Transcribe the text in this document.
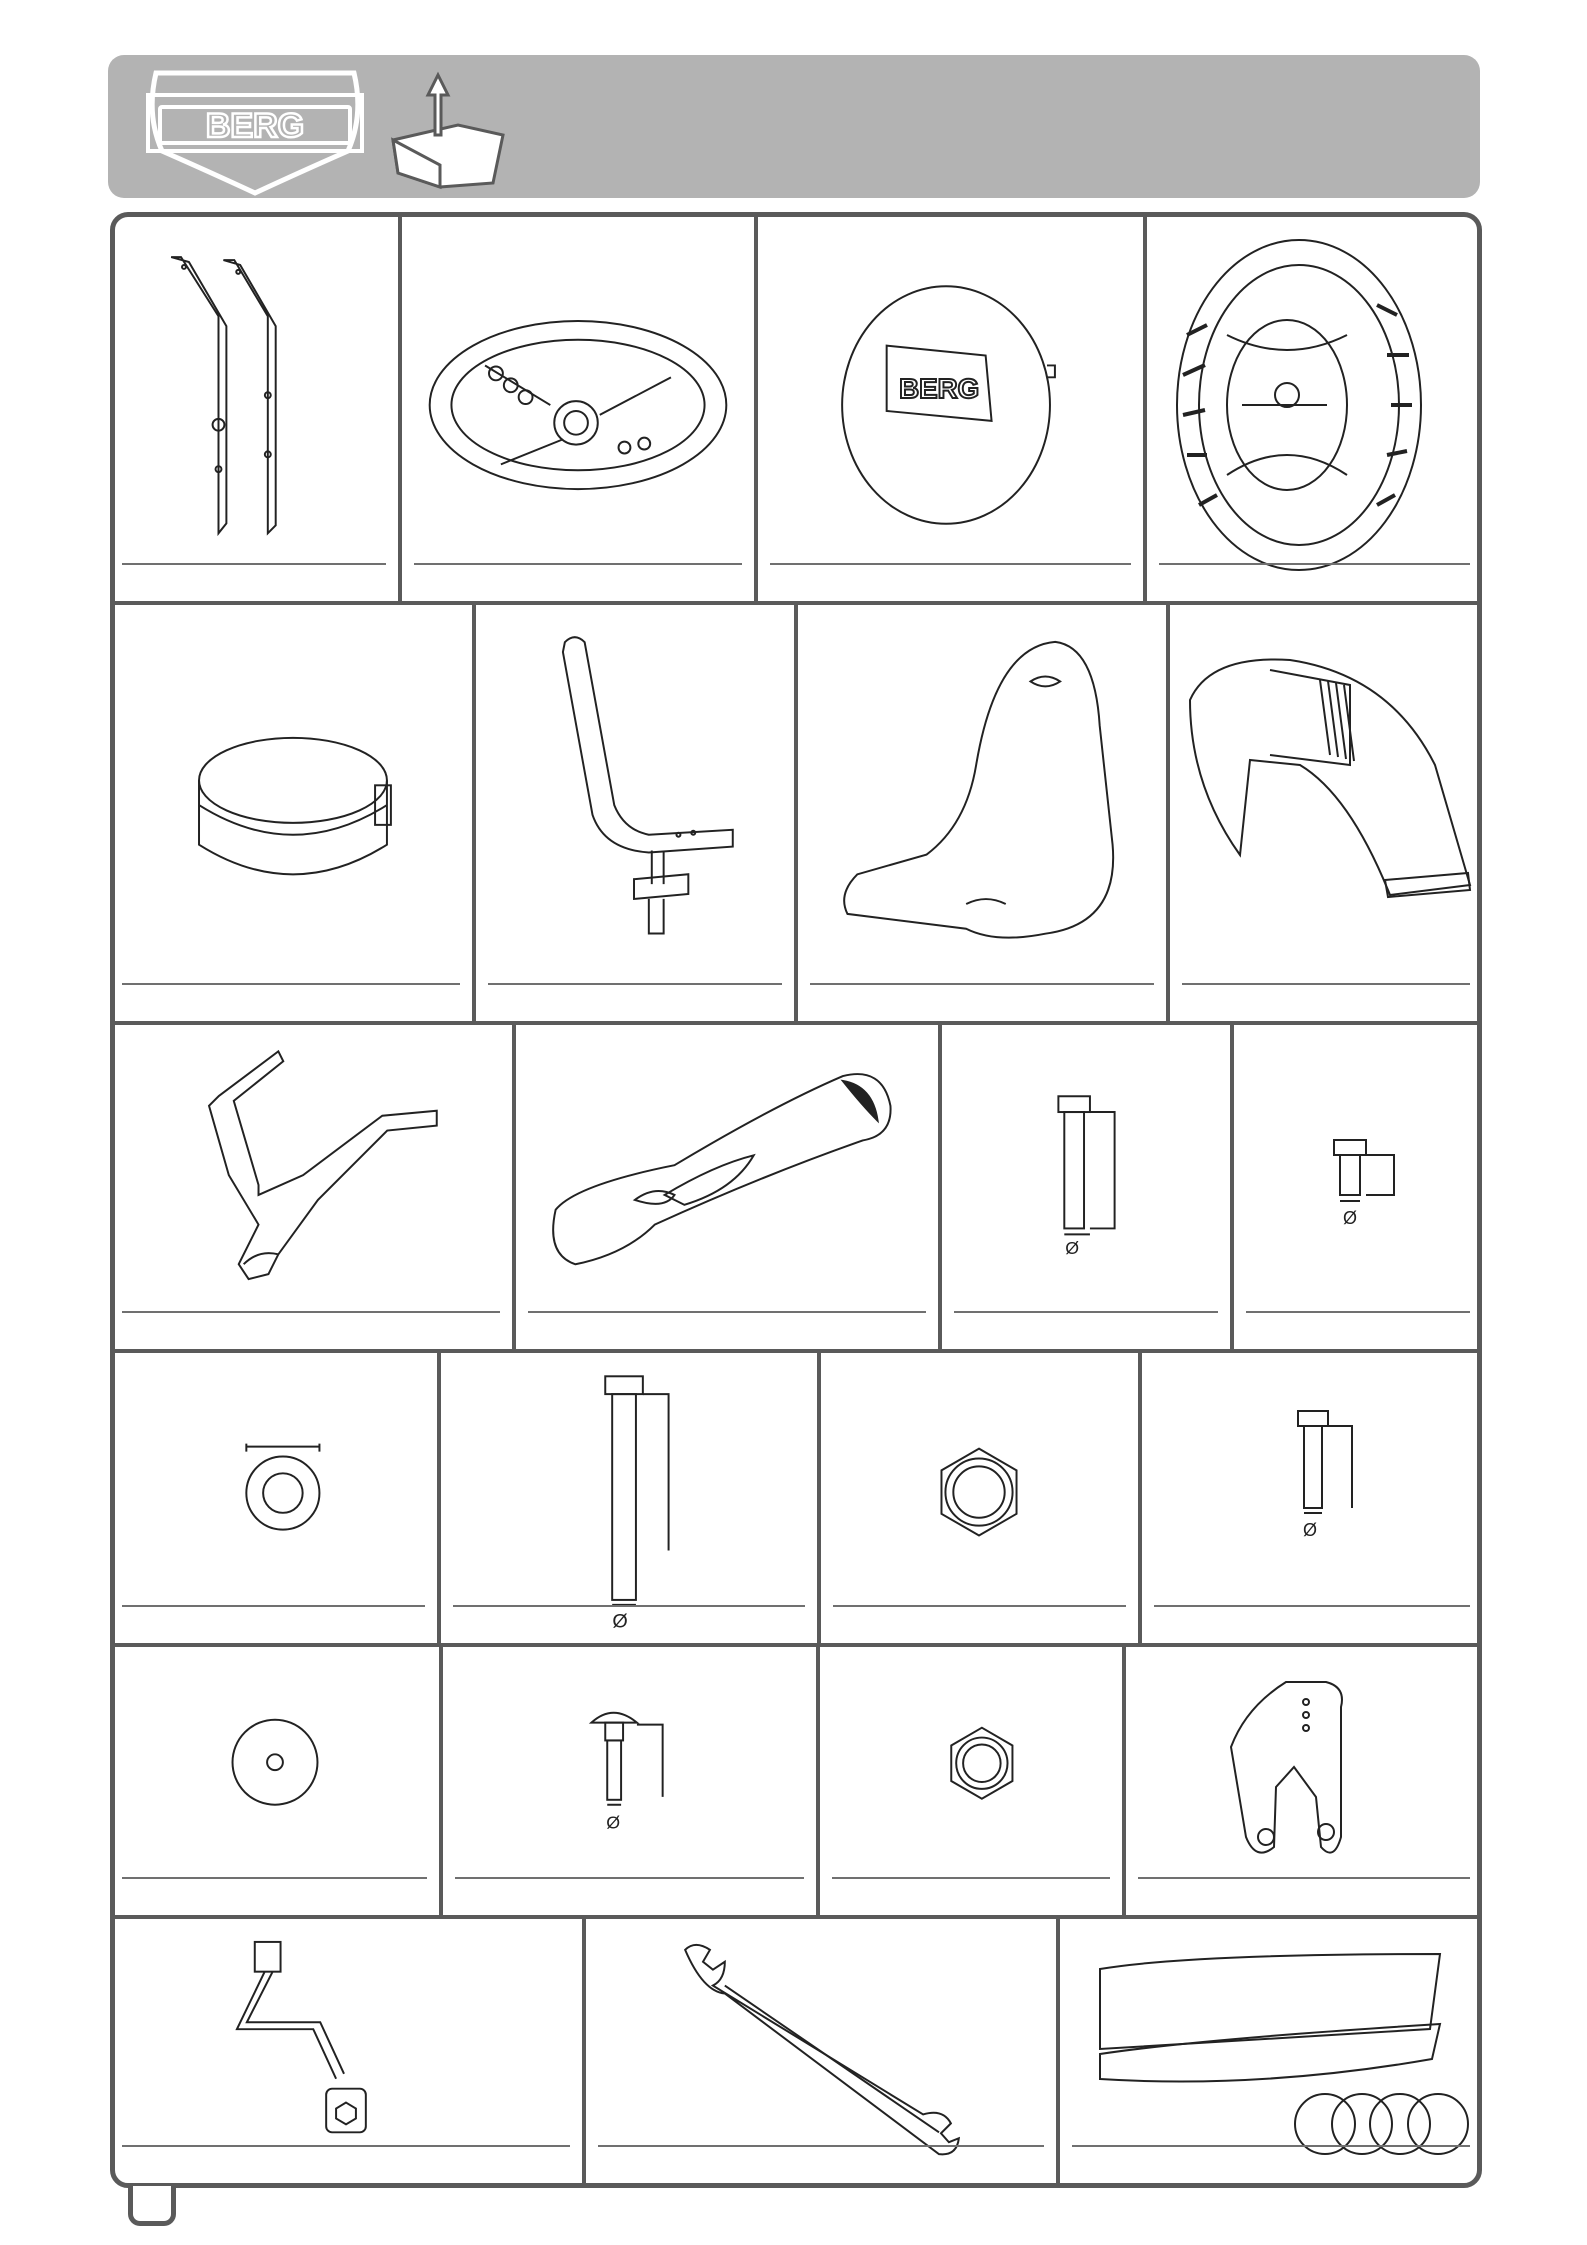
BERG
BERG
Ø
Ø
Ø
Ø
Ø
